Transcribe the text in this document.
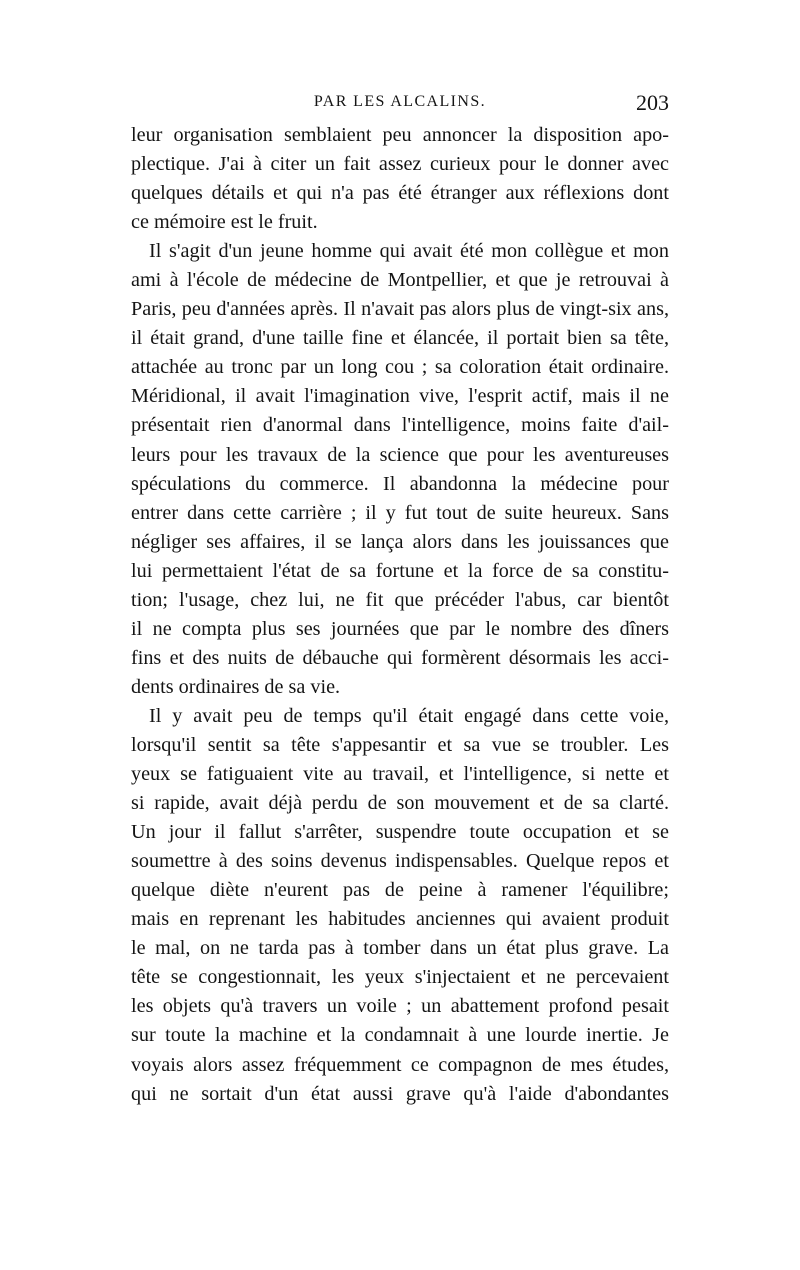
PAR LES ALCALINS.	203
leur organisation semblaient peu annoncer la disposition apo-
plectique. J'ai à citer un fait assez curieux pour le donner avec
quelques détails et qui n'a pas été étranger aux réflexions dont
ce mémoire est le fruit.
Il s'agit d'un jeune homme qui avait été mon collègue et mon
ami à l'école de médecine de Montpellier, et que je retrouvai à
Paris, peu d'années après. Il n'avait pas alors plus de vingt-six ans,
il était grand, d'une taille fine et élancée, il portait bien sa tête,
attachée au tronc par un long cou ; sa coloration était ordinaire.
Méridional, il avait l'imagination vive, l'esprit actif, mais il ne
présentait rien d'anormal dans l'intelligence, moins faite d'ail-
leurs pour les travaux de la science que pour les aventureuses
spéculations du commerce. Il abandonna la médecine pour
entrer dans cette carrière ; il y fut tout de suite heureux. Sans
négliger ses affaires, il se lança alors dans les jouissances que
lui permettaient l'état de sa fortune et la force de sa constitu-
tion; l'usage, chez lui, ne fit que précéder l'abus, car bientôt
il ne compta plus ses journées que par le nombre des dîners
fins et des nuits de débauche qui formèrent désormais les acci-
dents ordinaires de sa vie.
Il y avait peu de temps qu'il était engagé dans cette voie,
lorsqu'il sentit sa tête s'appesantir et sa vue se troubler. Les
yeux se fatiguaient vite au travail, et l'intelligence, si nette et
si rapide, avait déjà perdu de son mouvement et de sa clarté.
Un jour il fallut s'arrêter, suspendre toute occupation et se
soumettre à des soins devenus indispensables. Quelque repos et
quelque diète n'eurent pas de peine à ramener l'équilibre;
mais en reprenant les habitudes anciennes qui avaient produit
le mal, on ne tarda pas à tomber dans un état plus grave. La
tête se congestionnait, les yeux s'injectaient et ne percevaient
les objets qu'à travers un voile ; un abattement profond pesait
sur toute la machine et la condamnait à une lourde inertie. Je
voyais alors assez fréquemment ce compagnon de mes études,
qui ne sortait d'un état aussi grave qu'à l'aide d'abondantes
